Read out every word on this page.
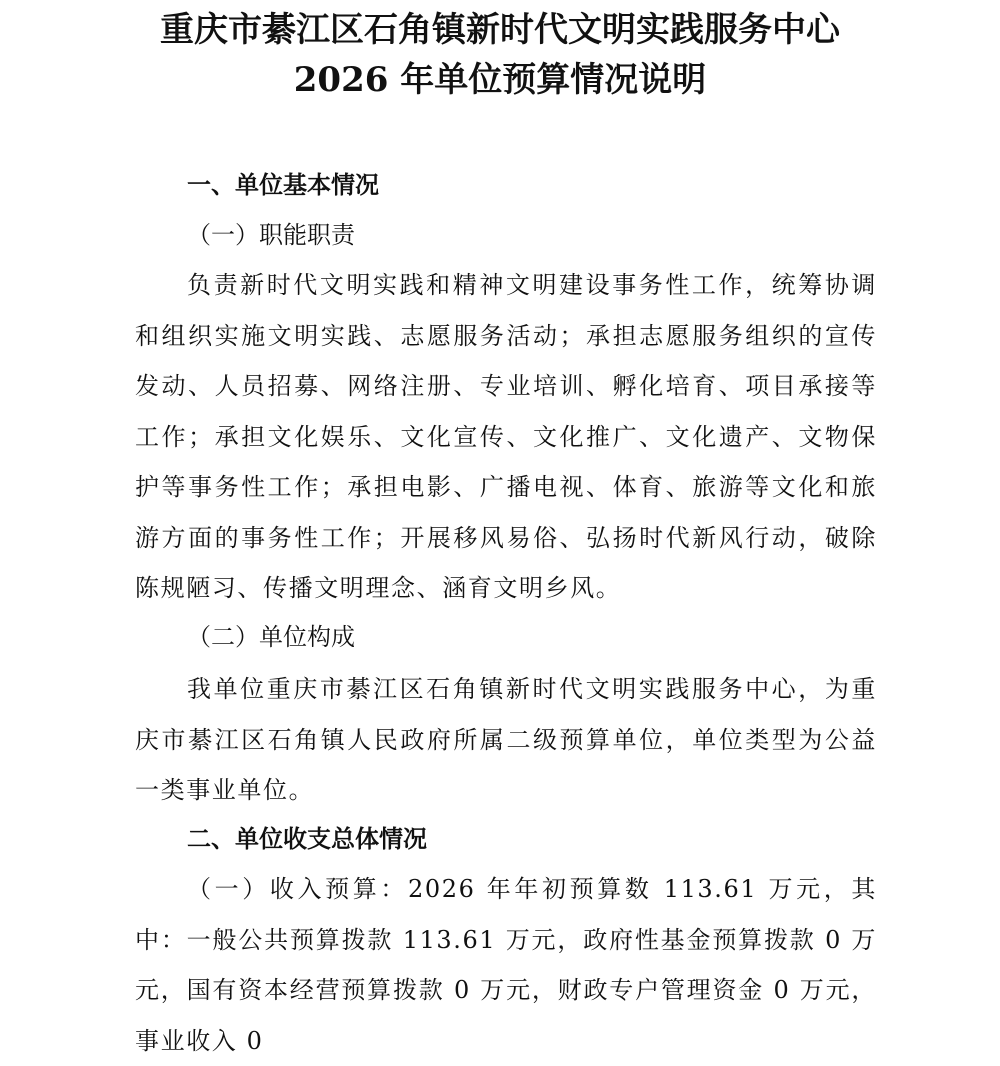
重庆市綦江区石角镇新时代文明实践服务中心
2026 年单位预算情况说明
一、单位基本情况
（一）职能职责

负责新时代文明实践和精神文明建设事务性工作，统筹协调和组织实施文明实践、志愿服务活动；承担志愿服务组织的宣传发动、人员招募、网络注册、专业培训、孵化培育、项目承接等工作；承担文化娱乐、文化宣传、文化推广、文化遗产、文物保护等事务性工作；承担电影、广播电视、体育、旅游等文化和旅游方面的事务性工作；开展移风易俗、弘扬时代新风行动，破除陈规陋习、传播文明理念、涵育文明乡风。

（二）单位构成

我单位重庆市綦江区石角镇新时代文明实践服务中心，为重庆市綦江区石角镇人民政府所属二级预算单位，单位类型为公益一类事业单位。

二、单位收支总体情况

（一）收入预算：2026 年年初预算数 113.61 万元，其中：一般公共预算拨款 113.61 万元，政府性基金预算拨款 0 万元，国有资本经营预算拨款 0 万元，财政专户管理资金 0 万元，事业收入 0
